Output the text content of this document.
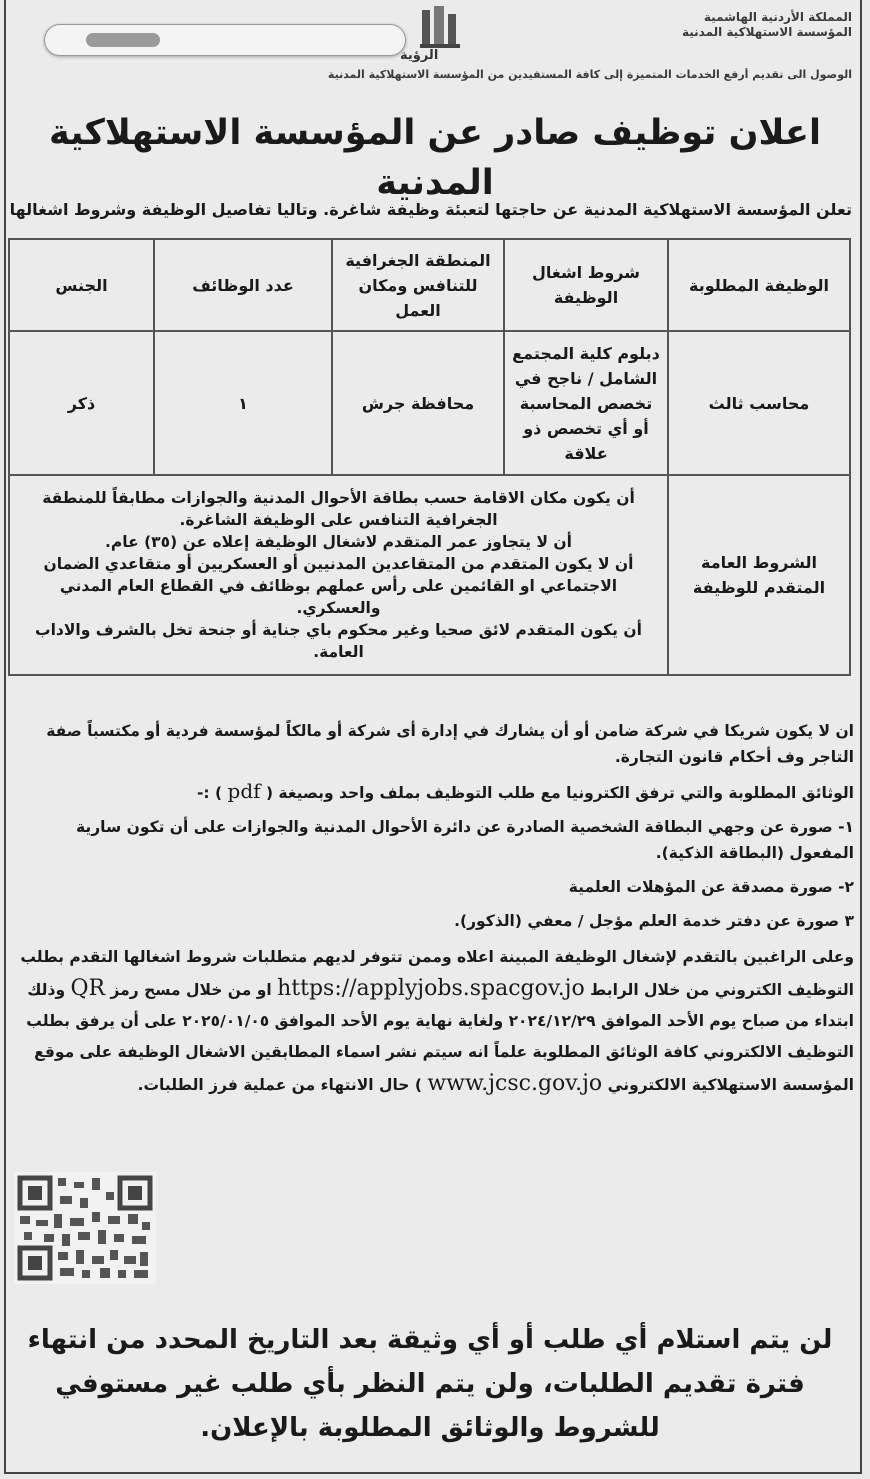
المملكة الأردنية الهاشمية
المؤسسة الاستهلاكية المدنية
الرؤية
الوصول الى تقديم أرفع الخدمات المتميزة إلى كافة المستفيدين من المؤسسة الاستهلاكية المدنية
اعلان توظيف صادر عن المؤسسة الاستهلاكية المدنية
تعلن المؤسسة الاستهلاكية المدنية عن حاجتها لتعبئة وظيفة شاغرة. وتاليا تفاصيل الوظيفة وشروط اشغالها
الوظيفة المطلوبة	شروط اشغال الوظيفة	المنطقة الجغرافية للتنافس ومكان العمل	عدد الوظائف	الجنس
محاسب ثالث	دبلوم كلية المجتمع الشامل / ناجح في تخصص المحاسبة أو أي تخصص ذو علاقة	محافظة جرش	١	ذكر
الشروط العامة المتقدم للوظيفة	أن يكون مكان الاقامة حسب بطاقة الأحوال المدنية والجوازات مطابقاً للمنطقة الجغرافية التنافس على الوظيفة الشاغرة.
أن لا يتجاوز عمر المتقدم لاشغال الوظيفة إعلاه عن (٣٥) عام.
أن لا يكون المتقدم من المتقاعدين المدنيين أو العسكريين أو متقاعدي الضمان الاجتماعي او القائمين على رأس عملهم بوظائف في القطاع العام المدني والعسكري.
أن يكون المتقدم لائق صحيا وغير محكوم باي جناية أو جنحة تخل بالشرف والاداب العامة.			

ان لا يكون شريكا في شركة ضامن أو أن يشارك في إدارة أى شركة أو مالكاً لمؤسسة فردية أو مكتسباً صفة التاجر وف أحكام قانون التجارة.

الوثائق المطلوبة والتي ترفق الكترونيا مع طلب التوظيف بملف واحد وبصيغة ( pdf ) :-

١- صورة عن وجهي البطاقة الشخصية الصادرة عن دائرة الأحوال المدنية والجوازات على أن تكون سارية المفعول (البطاقة الذكية).

٢- صورة مصدقة عن المؤهلات العلمية

٣ صورة عن دفتر خدمة العلم مؤجل / معفي (الذكور).

وعلى الراغبين بالتقدم لإشغال الوظيفة المبينة اعلاه وممن تتوفر لديهم متطلبات شروط اشغالها التقدم بطلب التوظيف الكتروني من خلال الرابط https://applyjobs.spacgov.jo او من خلال مسح رمز QR وذلك ابتداء من صباح يوم الأحد الموافق ٢٠٢٤/١٢/٢٩ ولغاية نهاية يوم الأحد الموافق ٢٠٢٥/٠١/٠٥ على أن يرفق بطلب التوظيف الالكتروني كافة الوثائق المطلوبة علماً انه سيتم نشر اسماء المطابقين الاشغال الوظيفة على موقع المؤسسة الاستهلاكية الالكتروني www.jcsc.gov.jo ) حال الانتهاء من عملية فرز الطلبات.

لن يتم استلام أي طلب أو أي وثيقة بعد التاريخ المحدد من انتهاء فترة تقديم الطلبات، ولن يتم النظر بأي طلب غير مستوفي للشروط والوثائق المطلوبة بالإعلان.
